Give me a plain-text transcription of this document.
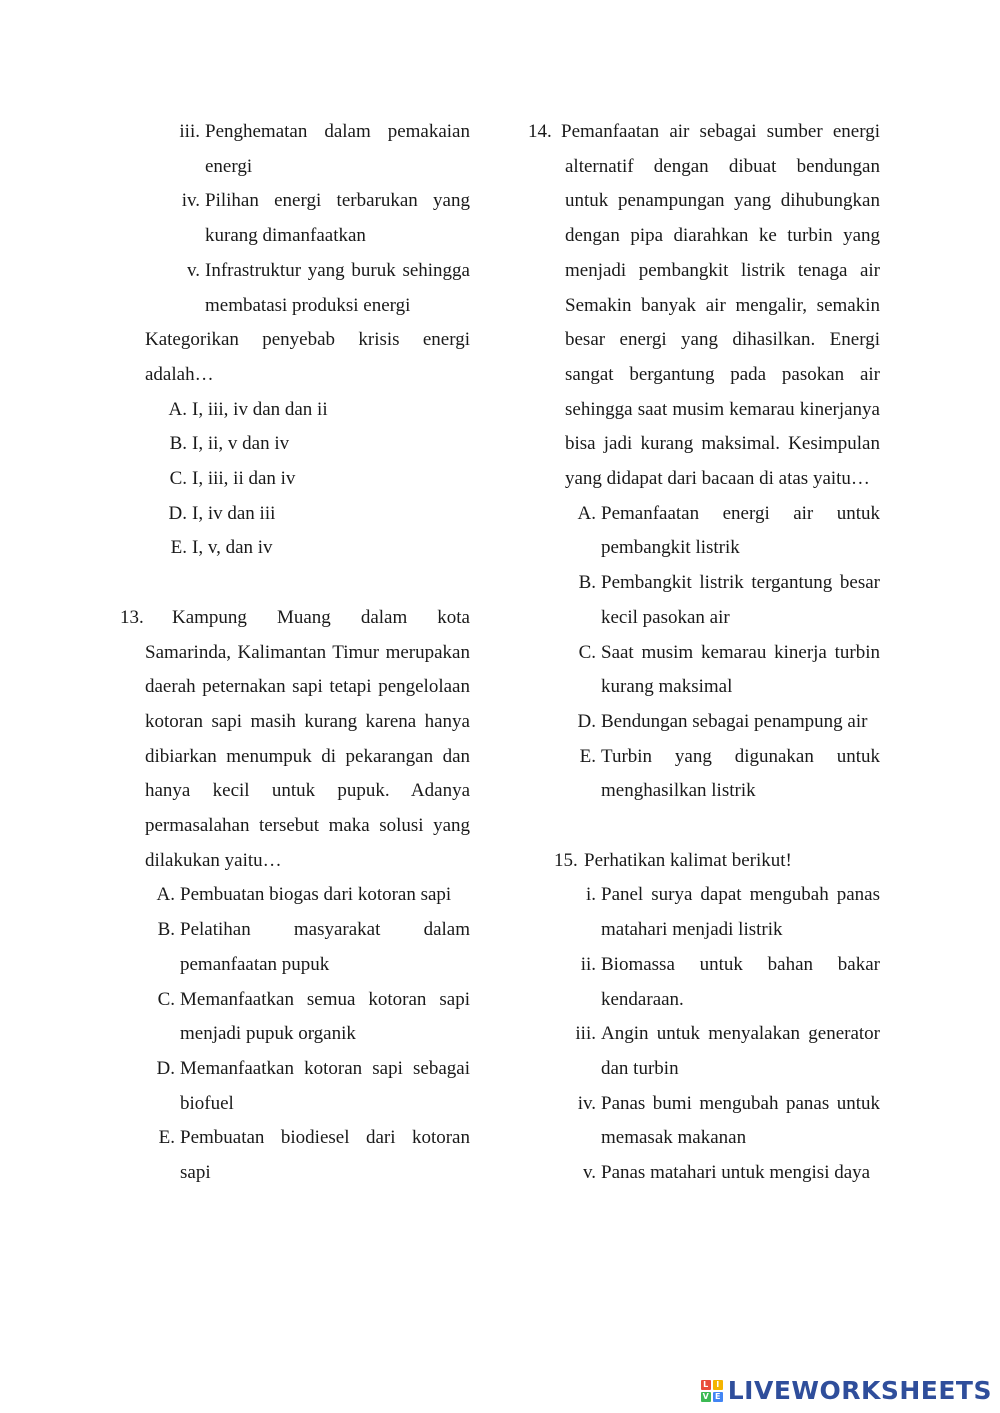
iii. Penghematan dalam pemakaian energi
iv. Pilihan energi terbarukan yang kurang dimanfaatkan
v. Infrastruktur yang buruk sehingga membatasi produksi energi
Kategorikan penyebab krisis energi adalah…
A. I, iii, iv dan dan ii
B. I, ii, v dan iv
C. I, iii, ii dan iv
D. I, iv dan iii
E. I, v, dan iv
13.	Kampung Muang dalam kota
Samarinda, Kalimantan Timur merupakan daerah peternakan sapi tetapi pengelolaan kotoran sapi masih kurang karena hanya dibiarkan menumpuk di pekarangan dan hanya kecil untuk pupuk. Adanya permasalahan tersebut maka solusi yang dilakukan yaitu…
A. Pembuatan biogas dari kotoran sapi
B. Pelatihan masyarakat dalam pemanfaatan pupuk
C. Memanfaatkan semua kotoran sapi menjadi pupuk organik
D. Memanfaatkan kotoran sapi sebagai biofuel
E. Pembuatan biodiesel dari kotoran sapi
14. Pemanfaatan air sebagai sumber energi
alternatif dengan dibuat bendungan untuk penampungan yang dihubungkan dengan pipa diarahkan ke turbin yang menjadi pembangkit listrik tenaga air Semakin banyak air mengalir, semakin besar energi yang dihasilkan. Energi sangat bergantung pada pasokan air sehingga saat musim kemarau kinerjanya bisa jadi kurang maksimal. Kesimpulan yang didapat dari bacaan di atas yaitu…
A. Pemanfaatan energi air untuk pembangkit listrik
B. Pembangkit listrik tergantung besar kecil pasokan air
C. Saat musim kemarau kinerja turbin kurang maksimal
D. Bendungan sebagai penampung air
E. Turbin yang digunakan untuk menghasilkan listrik
15. Perhatikan kalimat berikut!
i. Panel surya dapat mengubah panas matahari menjadi listrik
ii. Biomassa untuk bahan bakar kendaraan.
iii. Angin untuk menyalakan generator dan turbin
iv. Panas bumi mengubah panas untuk memasak makanan
v. Panas matahari untuk mengisi daya
L I
V E LIVEWORKSHEETS
